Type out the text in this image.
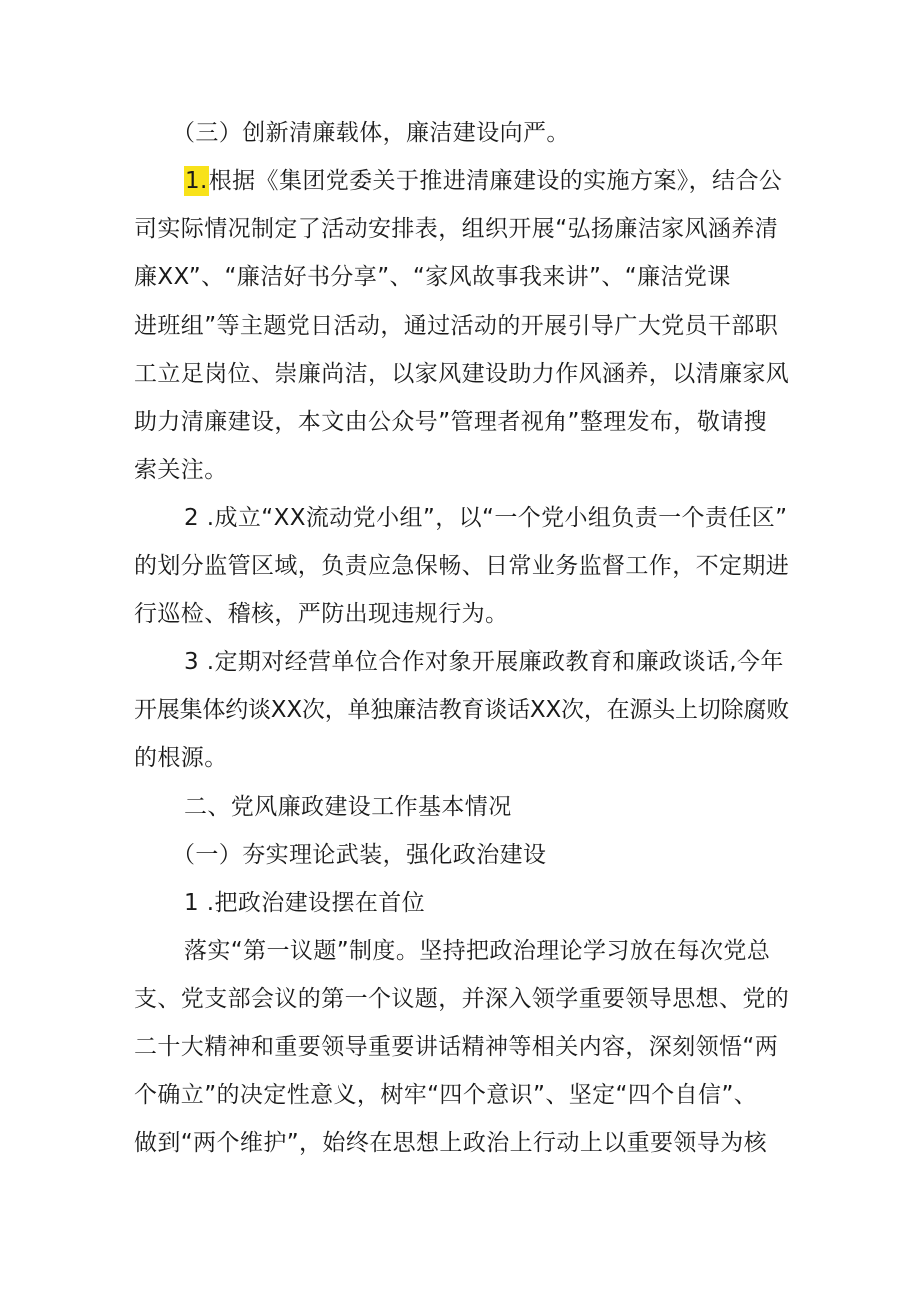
（三）创新清廉载体，廉洁建设向严。
1.根据《集团党委关于推进清廉建设的实施方案》，结合公
司实际情况制定了活动安排表，组织开展“弘扬廉洁家风涵养清
廉XX”、“廉洁好书分享”、“家风故事我来讲”、“廉洁党课
进班组”等主题党日活动，通过活动的开展引导广大党员干部职
工立足岗位、崇廉尚洁，以家风建设助力作风涵养，以清廉家风
助力清廉建设，本文由公众号”管理者视角”整理发布，敬请搜
索关注。
2 .成立“XX流动党小组”，以“一个党小组负责一个责任区”
的划分监管区域，负责应急保畅、日常业务监督工作，不定期进
行巡检、稽核，严防出现违规行为。
3 .定期对经营单位合作对象开展廉政教育和廉政谈话,今年
开展集体约谈XX次，单独廉洁教育谈话XX次，在源头上切除腐败
的根源。
二、党风廉政建设工作基本情况
（一）夯实理论武装，强化政治建设
1 .把政治建设摆在首位
落实“第一议题”制度。坚持把政治理论学习放在每次党总
支、党支部会议的第一个议题，并深入领学重要领导思想、党的
二十大精神和重要领导重要讲话精神等相关内容，深刻领悟“两
个确立”的决定性意义，树牢“四个意识”、坚定“四个自信”、
做到“两个维护”，始终在思想上政治上行动上以重要领导为核
